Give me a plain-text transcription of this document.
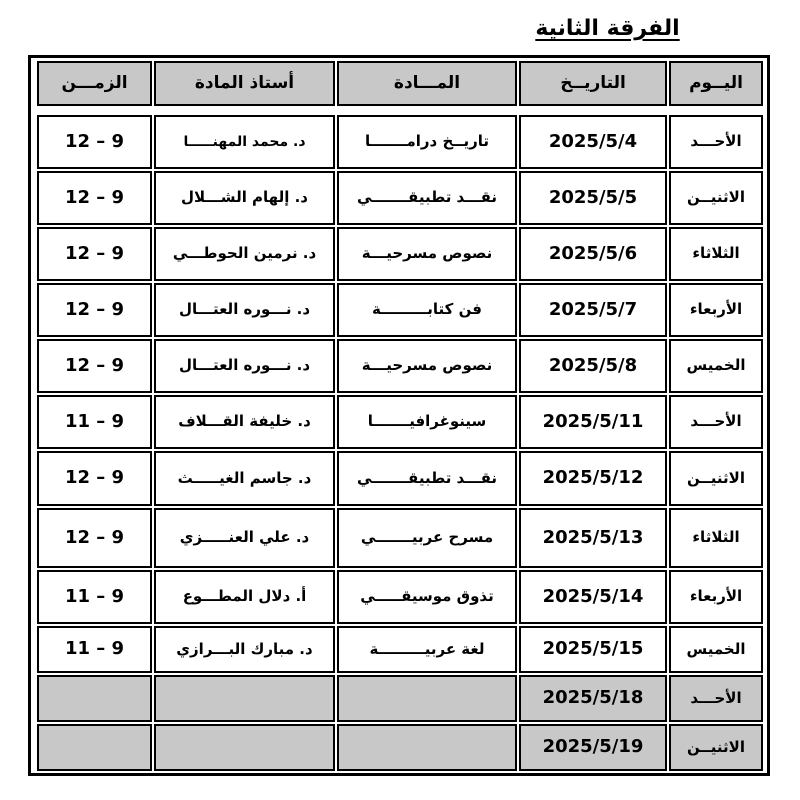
الفرقة الثانية
اليــوم
التاريــخ
المـــادة
أستاذ المادة
الزمـــن
الأحـــد
2025/5/4
تاريــخ درامـــــــا
د. محمد المهنـــــا
9 – 12
الاثنيــن
2025/5/5
نقـــد تطبيقـــــــي
د. إلهام الشـــلال
9 – 12
الثلاثاء
2025/5/6
نصوص مسرحيـــة
د. نرمين الحوطـــي
9 – 12
الأربعاء
2025/5/7
فن كتابـــــــــة
د. نـــوره العتـــال
9 – 12
الخميس
2025/5/8
نصوص مسرحيـــة
د. نـــوره العتـــال
9 – 12
الأحـــد
2025/5/11
سينوغرافيـــــــا
د. خليفة القـــلاف
9 – 11
الاثنيــن
2025/5/12
نقـــد تطبيقـــــــي
د. جاسم الغيـــــث
9 – 12
الثلاثاء
2025/5/13
مسرح عربيـــــــي
د. علي العنـــــزي
9 – 12
الأربعاء
2025/5/14
تذوق موسيقـــــي
أ. دلال المطـــوع
9 – 11
الخميس
2025/5/15
لغة عربيـــــــــة
د. مبارك البـــرازي
9 – 11
الأحـــد
2025/5/18
الاثنيــن
2025/5/19
